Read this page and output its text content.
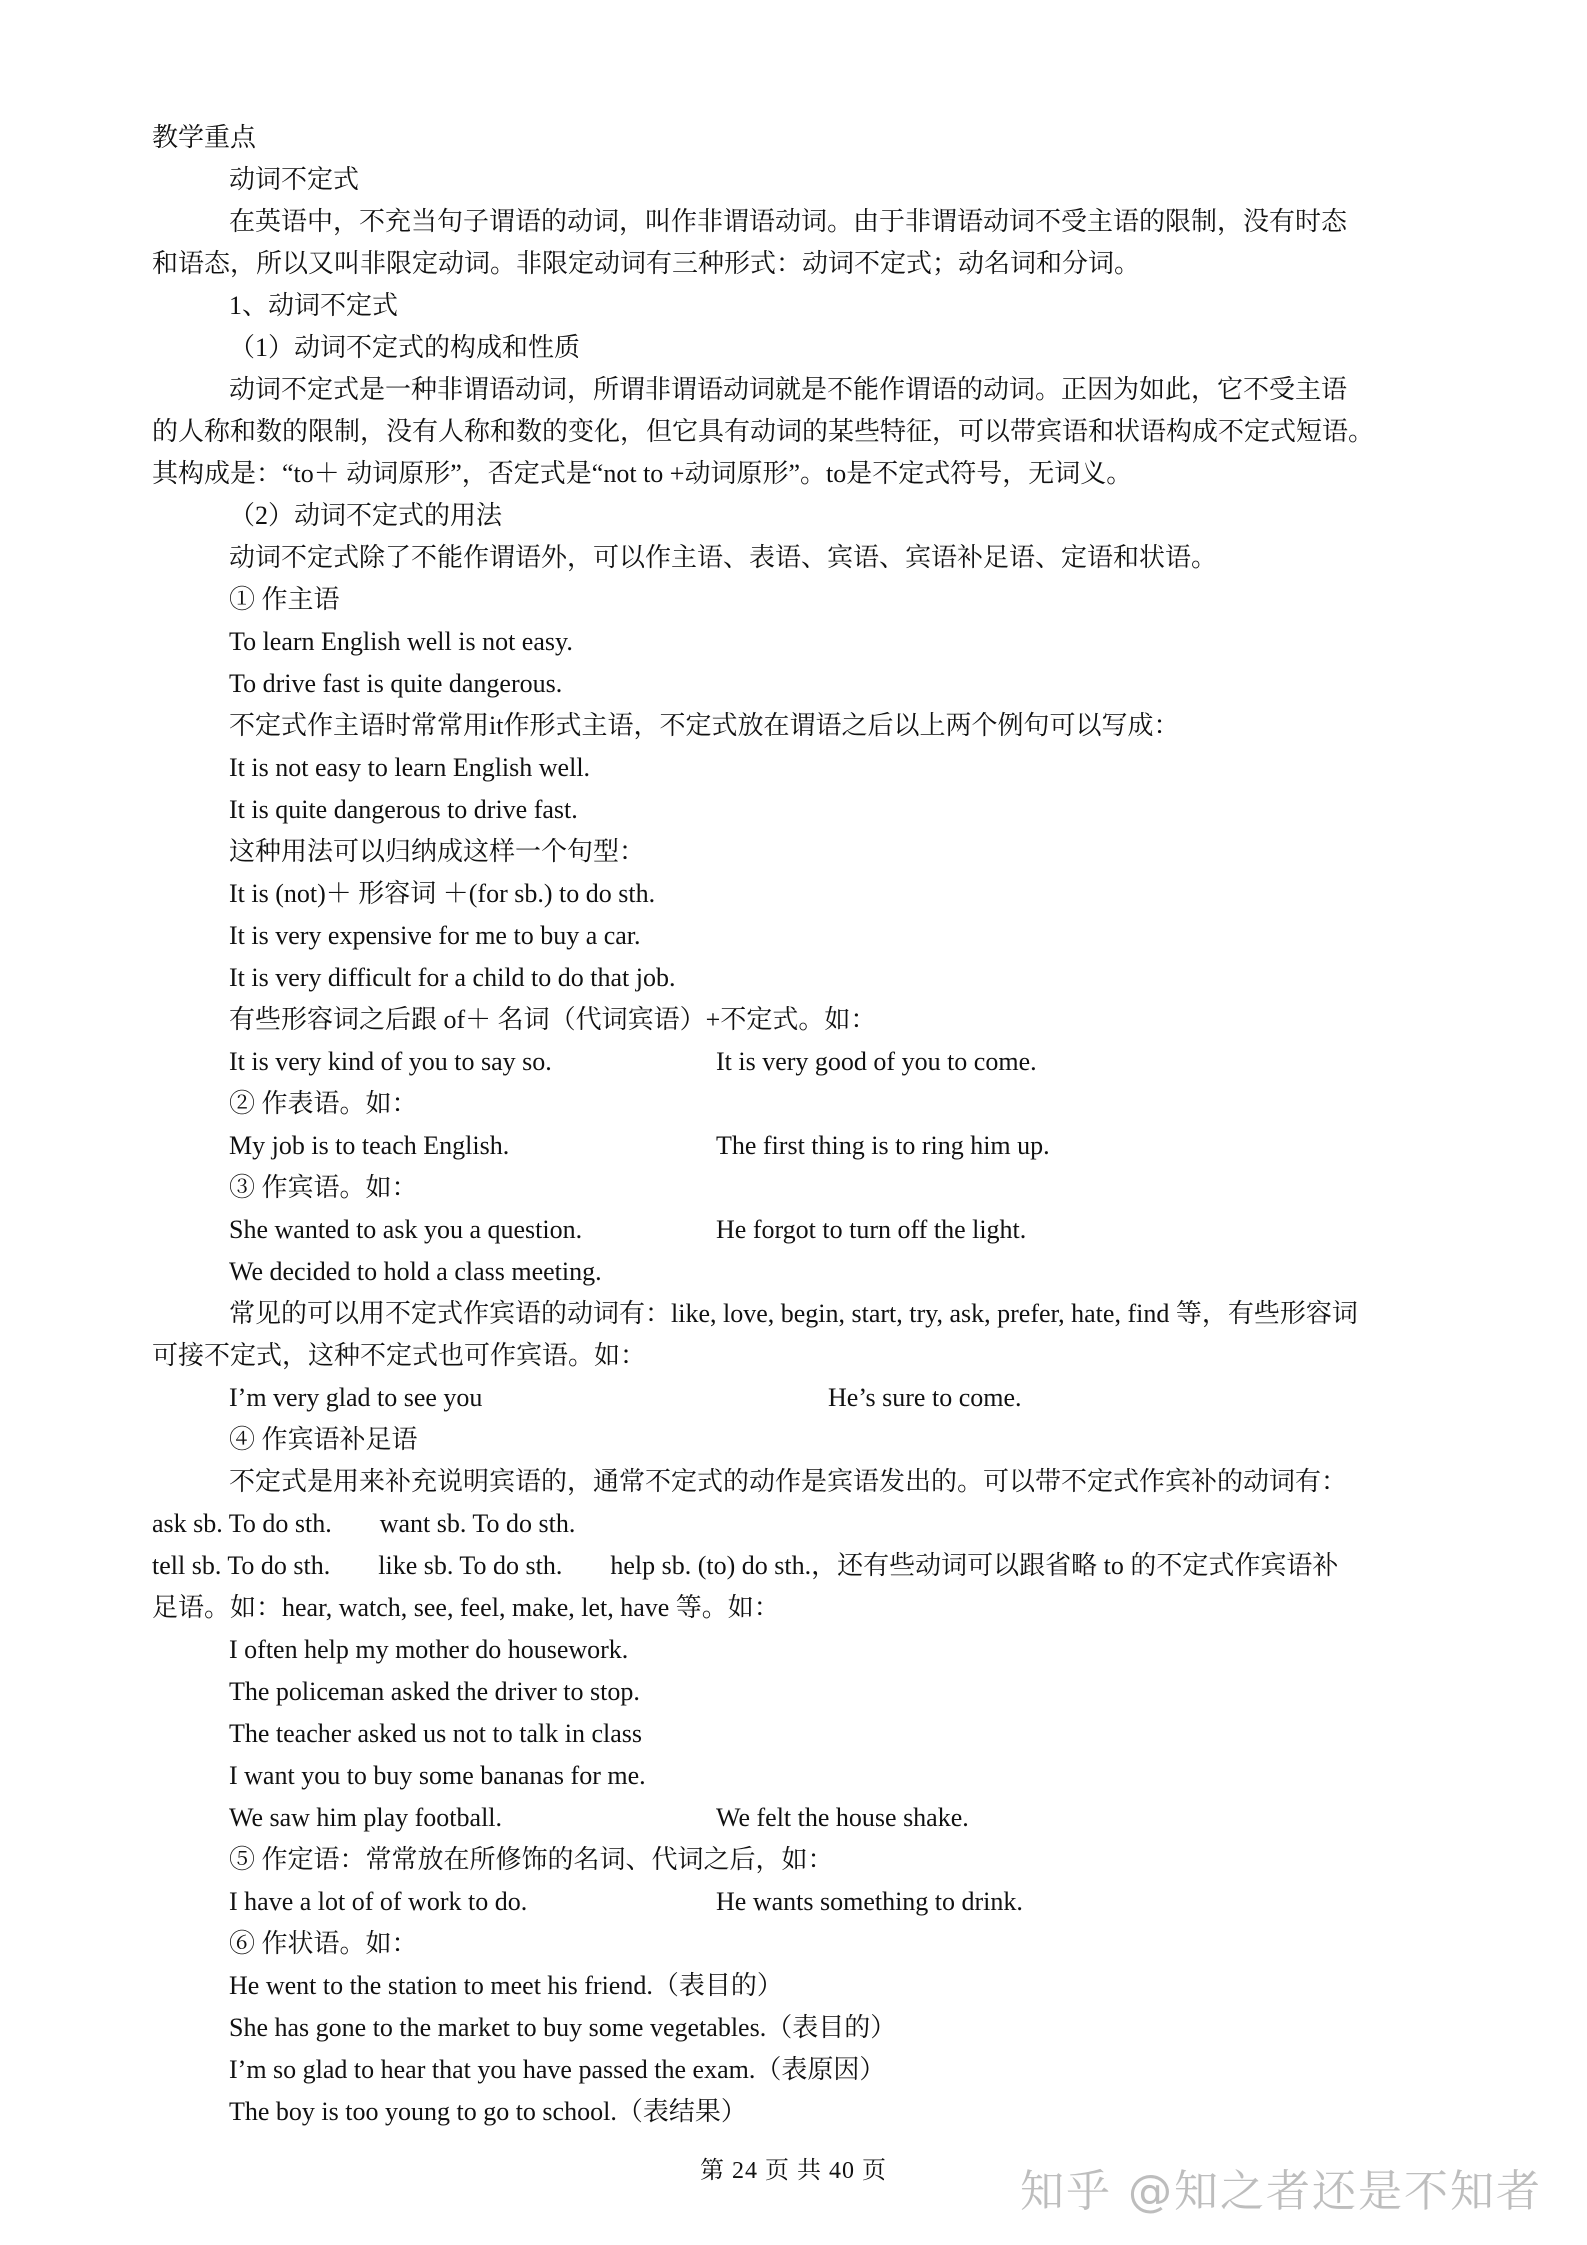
教学重点
动词不定式
在英语中，不充当句子谓语的动词，叫作非谓语动词。由于非谓语动词不受主语的限制，没有时态
和语态，所以又叫非限定动词。非限定动词有三种形式：动词不定式；动名词和分词。
1、动词不定式
（1）动词不定式的构成和性质
动词不定式是一种非谓语动词，所谓非谓语动词就是不能作谓语的动词。正因为如此，它不受主语
的人称和数的限制，没有人称和数的变化，但它具有动词的某些特征，可以带宾语和状语构成不定式短语。
其构成是：“to＋ 动词原形”，否定式是“not to +动词原形”。to是不定式符号，无词义。
（2）动词不定式的用法
动词不定式除了不能作谓语外，可以作主语、表语、宾语、宾语补足语、定语和状语。
① 作主语
To learn English well is not easy.
To drive fast is quite dangerous.
不定式作主语时常常用it作形式主语，不定式放在谓语之后以上两个例句可以写成：
It is not easy to learn English well.
It is quite dangerous to drive fast.
这种用法可以归纳成这样一个句型：
It is (not)＋ 形容词 ＋(for sb.) to do sth.
It is very expensive for me to buy a car.
It is very difficult for a child to do that job.
有些形容词之后跟 of＋ 名词（代词宾语）+不定式。如：
It is very kind of you to say so.	It is very good of you to come.
② 作表语。如：
My job is to teach English.	The first thing is to ring him up.
③ 作宾语。如：
She wanted to ask you a question.	He forgot to turn off the light.
We decided to hold a class meeting.
常见的可以用不定式作宾语的动词有：like, love, begin, start, try, ask, prefer, hate, find 等，有些形容词
可接不定式，这种不定式也可作宾语。如：
I’m very glad to see you	He’s sure to come.
④ 作宾语补足语
不定式是用来补充说明宾语的，通常不定式的动作是宾语发出的。可以带不定式作宾补的动词有：
ask sb. To do sth. want sb. To do sth.
tell sb. To do sth. like sb. To do sth. help sb. (to) do sth.，还有些动词可以跟省略 to 的不定式作宾语补
足语。如：hear, watch, see, feel, make, let, have 等。如：
I often help my mother do housework.
The policeman asked the driver to stop.
The teacher asked us not to talk in class
I want you to buy some bananas for me.
We saw him play football.	We felt the house shake.
⑤ 作定语：常常放在所修饰的名词、代词之后，如：
I have a lot of of work to do.	He wants something to drink.
⑥ 作状语。如：
He went to the station to meet his friend.（表目的）
She has gone to the market to buy some vegetables.（表目的）
I’m so glad to hear that you have passed the exam.（表原因）
The boy is too young to go to school.（表结果）
第 24 页 共 40 页	知乎 @知之者还是不知者
